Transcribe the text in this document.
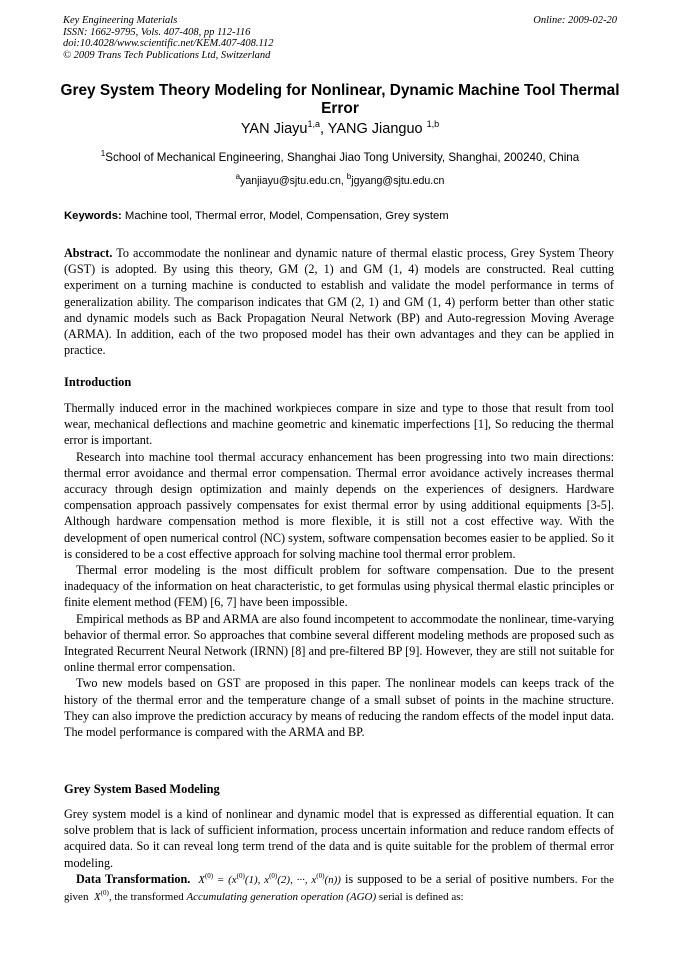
Key Engineering Materials
ISSN: 1662-9795, Vols. 407-408, pp 112-116
doi:10.4028/www.scientific.net/KEM.407-408.112
© 2009 Trans Tech Publications Ltd, Switzerland
Online: 2009-02-20
Grey System Theory Modeling for Nonlinear, Dynamic Machine Tool Thermal Error
YAN Jiayu$^{1,a}$, YANG Jianguo $^{1,b}$
$^1$School of Mechanical Engineering, Shanghai Jiao Tong University, Shanghai, 200240, China
$^a$yanjiayu@sjtu.edu.cn, $^b$jgyang@sjtu.edu.cn
Keywords: Machine tool, Thermal error, Model, Compensation, Grey system

Abstract. To accommodate the nonlinear and dynamic nature of thermal elastic process, Grey System Theory (GST) is adopted. By using this theory, GM (2, 1) and GM (1, 4) models are constructed. Real cutting experiment on a turning machine is conducted to establish and validate the model performance in terms of generalization ability. The comparison indicates that GM (2, 1) and GM (1, 4) perform better than other static and dynamic models such as Back Propagation Neural Network (BP) and Auto-regression Moving Average (ARMA). In addition, each of the two proposed model has their own advantages and they can be applied in practice.

Introduction

Thermally induced error in the machined workpieces compare in size and type to those that result from tool wear, mechanical deflections and machine geometric and kinematic imperfections [1], So reducing the thermal error is important.

Research into machine tool thermal accuracy enhancement has been progressing into two main directions: thermal error avoidance and thermal error compensation. Thermal error avoidance actively increases thermal accuracy through design optimization and mainly depends on the experiences of designers. Hardware compensation approach passively compensates for exist thermal error by using additional equipments [3-5]. Although hardware compensation method is more flexible, it is still not a cost effective way. With the development of open numerical control (NC) system, software compensation becomes easier to be applied. So it is considered to be a cost effective approach for solving machine tool thermal error problem.

Thermal error modeling is the most difficult problem for software compensation. Due to the present inadequacy of the information on heat characteristic, to get formulas using physical thermal elastic principles or finite element method (FEM) [6, 7] have been impossible.

Empirical methods as BP and ARMA are also found incompetent to accommodate the nonlinear, time-varying behavior of thermal error. So approaches that combine several different modeling methods are proposed such as Integrated Recurrent Neural Network (IRNN) [8] and pre-filtered BP [9]. However, they are still not suitable for online thermal error compensation.

Two new models based on GST are proposed in this paper. The nonlinear models can keeps track of the history of the thermal error and the temperature change of a small subset of points in the machine structure. They can also improve the prediction accuracy by means of reducing the random effects of the model input data. The model performance is compared with the ARMA and BP.

Grey System Based Modeling

Grey system model is a kind of nonlinear and dynamic model that is expressed as differential equation. It can solve problem that is lack of sufficient information, process uncertain information and reduce random effects of acquired data. So it can reveal long term trend of the data and is quite suitable for the problem of thermal error modeling.

Data Transformation.  $X^{(0)} = (x^{(0)}(1)$, $x^{(0)}(2)$, ···, $x^{(0)}(n)$) is supposed to be a serial of positive numbers. For the given  $X^{(0)}$, the transformed Accumulating generation operation (AGO) serial is defined as:
